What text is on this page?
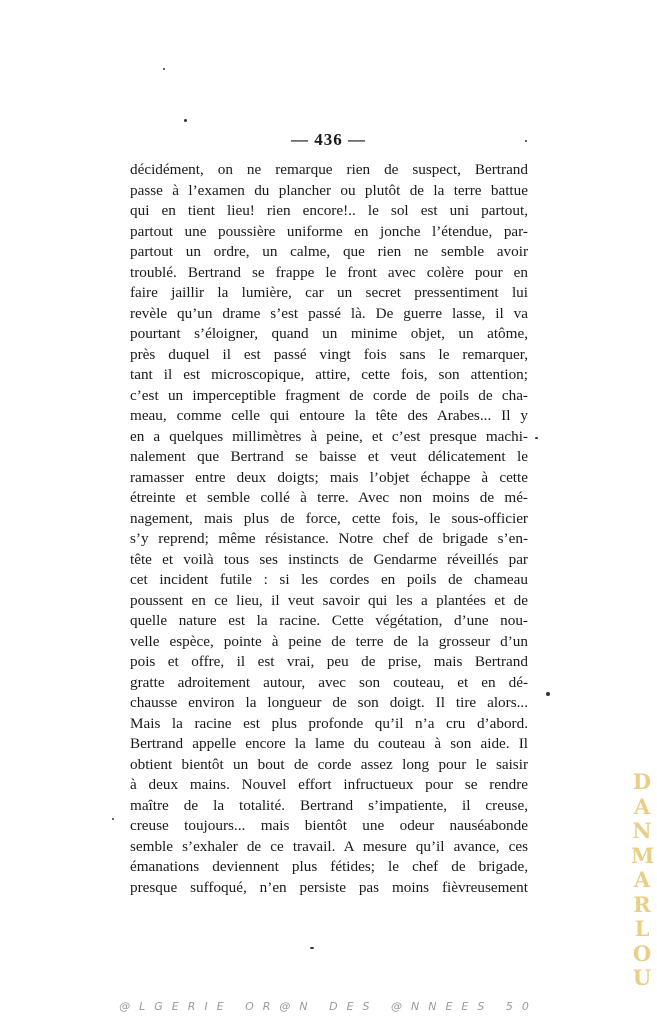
— 436 —
décidément, on ne remarque rien de suspect, Bertrand
passe à l’examen du plancher ou plutôt de la terre battue
qui en tient lieu! rien encore!.. le sol est uni partout,
partout une poussière uniforme en jonche l’étendue, par-
partout un ordre, un calme, que rien ne semble avoir
troublé. Bertrand se frappe le front avec colère pour en
faire jaillir la lumière, car un secret pressentiment lui
revèle qu’un drame s’est passé là. De guerre lasse, il va
pourtant s’éloigner, quand un minime objet, un atôme,
près duquel il est passé vingt fois sans le remarquer,
tant il est microscopique, attire, cette fois, son attention;
c’est un imperceptible fragment de corde de poils de cha-
meau, comme celle qui entoure la tête des Arabes... Il y
en a quelques millimètres à peine, et c’est presque machi-
nalement que Bertrand se baisse et veut délicatement le
ramasser entre deux doigts; mais l’objet échappe à cette
étreinte et semble collé à terre. Avec non moins de mé-
nagement, mais plus de force, cette fois, le sous-officier
s’y reprend; même résistance. Notre chef de brigade s’en-
tête et voilà tous ses instincts de Gendarme réveillés par
cet incident futile : si les cordes en poils de chameau
poussent en ce lieu, il veut savoir qui les a plantées et de
quelle nature est la racine. Cette végétation, d’une nou-
velle espèce, pointe à peine de terre de la grosseur d’un
pois et offre, il est vrai, peu de prise, mais Bertrand
gratte adroitement autour, avec son couteau, et en dé-
chausse environ la longueur de son doigt. Il tire alors...
Mais la racine est plus profonde qu’il n’a cru d’abord.
Bertrand appelle encore la lame du couteau à son aide. Il
obtient bientôt un bout de corde assez long pour le saisir
à deux mains. Nouvel effort infructueux pour se rendre
maître de la totalité. Bertrand s’impatiente, il creuse,
creuse toujours... mais bientôt une odeur nauséabonde
semble s’exhaler de ce travail. A mesure qu’il avance, ces
émanations deviennent plus fétides; le chef de brigade,
presque suffoqué, n’en persiste pas moins fièvreusement
D
A
N
M
A
R
L
O
U
@LGERIE OR@N DES @NNEES 50
